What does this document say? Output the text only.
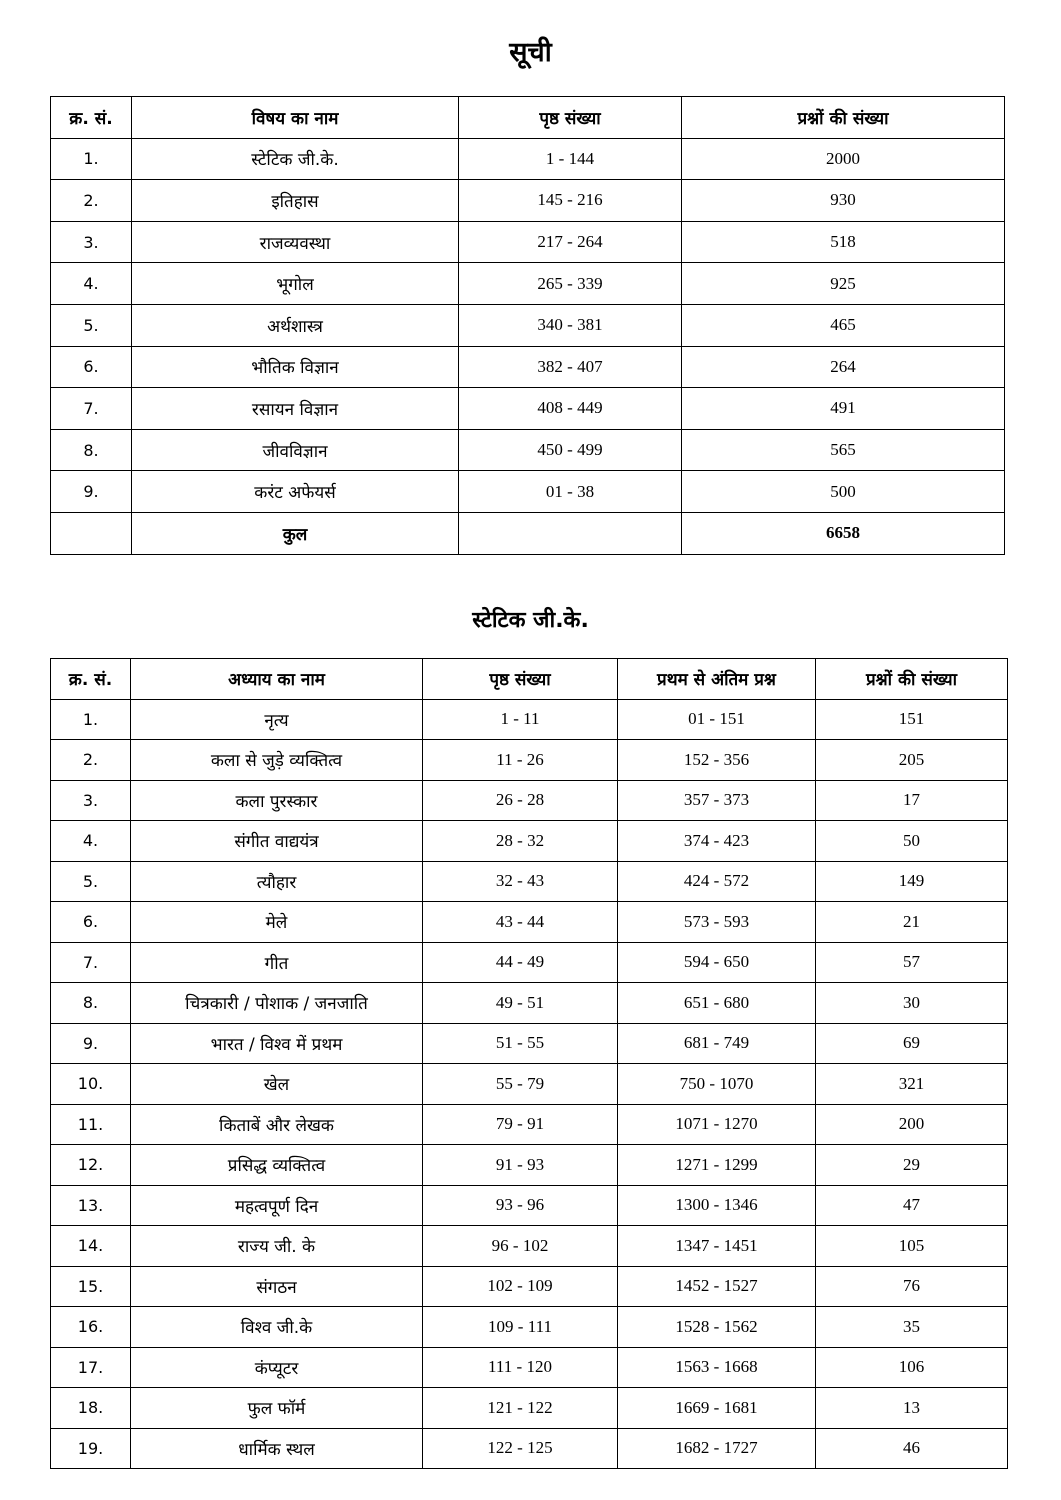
सूची
क्र. सं.	विषय का नाम	पृष्ठ संख्या	प्रश्नों की संख्या
1.	स्टेटिक जी.के.	1 - 144	2000
2.	इतिहास	145 - 216	930
3.	राजव्यवस्था	217 - 264	518
4.	भूगोल	265 - 339	925
5.	अर्थशास्त्र	340 - 381	465
6.	भौतिक विज्ञान	382 - 407	264
7.	रसायन विज्ञान	408 - 449	491
8.	जीवविज्ञान	450 - 499	565
9.	करंट अफेयर्स	01 - 38	500
	कुल		6658
स्टेटिक जी.के.
क्र. सं.	अध्याय का नाम	पृष्ठ संख्या	प्रथम से अंतिम प्रश्न	प्रश्नों की संख्या
1.	नृत्य	1 - 11	01 - 151	151
2.	कला से जुड़े व्यक्तित्व	11 - 26	152 - 356	205
3.	कला पुरस्कार	26 - 28	357 - 373	17
4.	संगीत वाद्ययंत्र	28 - 32	374 - 423	50
5.	त्यौहार	32 - 43	424 - 572	149
6.	मेले	43 - 44	573 - 593	21
7.	गीत	44 - 49	594 - 650	57
8.	चित्रकारी / पोशाक / जनजाति	49 - 51	651 - 680	30
9.	भारत / विश्व में प्रथम	51 - 55	681 - 749	69
10.	खेल	55 - 79	750 - 1070	321
11.	किताबें और लेखक	79 - 91	1071 - 1270	200
12.	प्रसिद्ध व्यक्तित्व	91 - 93	1271 - 1299	29
13.	महत्वपूर्ण दिन	93 - 96	1300 - 1346	47
14.	राज्य जी. के	96 - 102	1347 - 1451	105
15.	संगठन	102 - 109	1452 - 1527	76
16.	विश्व जी.के	109 - 111	1528 - 1562	35
17.	कंप्यूटर	111 - 120	1563 - 1668	106
18.	फुल फॉर्म	121 - 122	1669 - 1681	13
19.	धार्मिक स्थल	122 - 125	1682 - 1727	46
